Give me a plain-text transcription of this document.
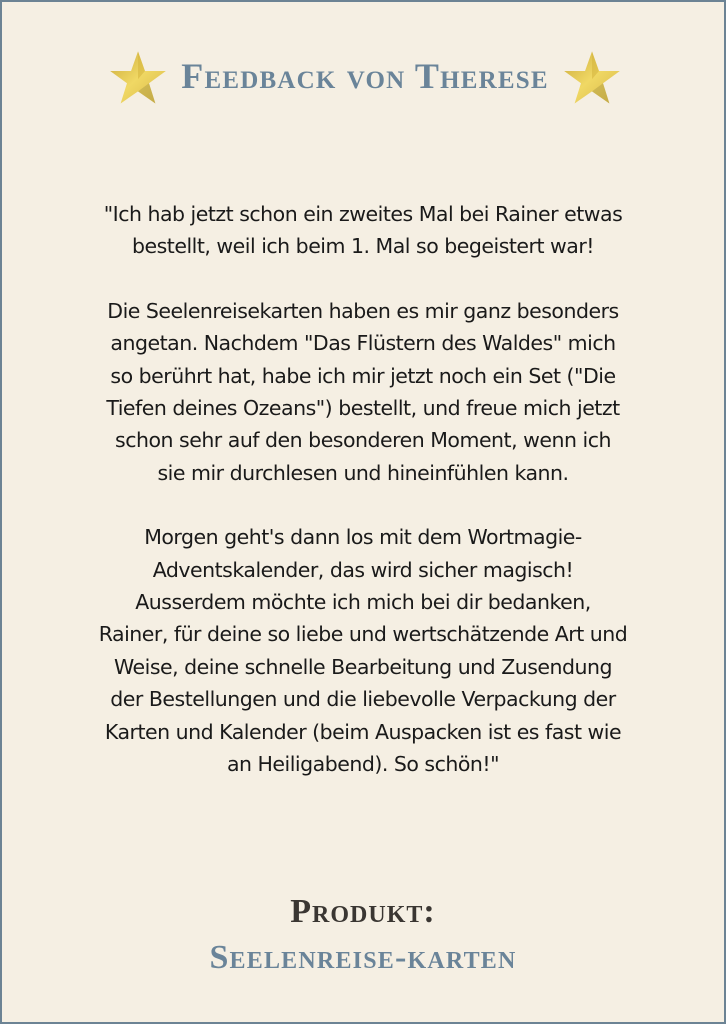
Feedback von Therese

"Ich hab jetzt schon ein zweites Mal bei Rainer etwas
bestellt, weil ich beim 1. Mal so begeistert war!

Die Seelenreisekarten haben es mir ganz besonders
angetan. Nachdem "Das Flüstern des Waldes" mich
so berührt hat, habe ich mir jetzt noch ein Set ("Die
Tiefen deines Ozeans") bestellt, und freue mich jetzt
schon sehr auf den besonderen Moment, wenn ich
sie mir durchlesen und hineinfühlen kann.

Morgen geht's dann los mit dem Wortmagie-
Adventskalender, das wird sicher magisch!
Ausserdem möchte ich mich bei dir bedanken,
Rainer, für deine so liebe und wertschätzende Art und
Weise, deine schnelle Bearbeitung und Zusendung
der Bestellungen und die liebevolle Verpackung der
Karten und Kalender (beim Auspacken ist es fast wie
an Heiligabend). So schön!"

Produkt:
Seelenreise-karten
